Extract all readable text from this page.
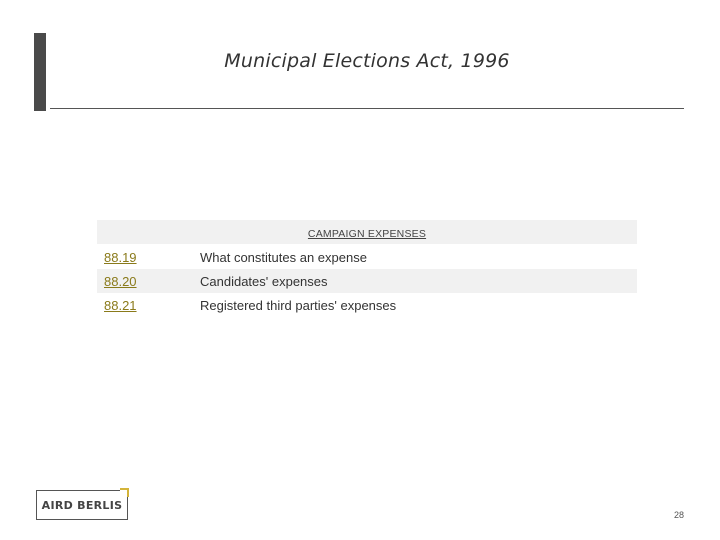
Municipal Elections Act, 1996
CAMPAIGN EXPENSES	
88.19	What constitutes an expense
88.20	Candidates' expenses
88.21	Registered third parties' expenses
AIRD BERLIS
28
